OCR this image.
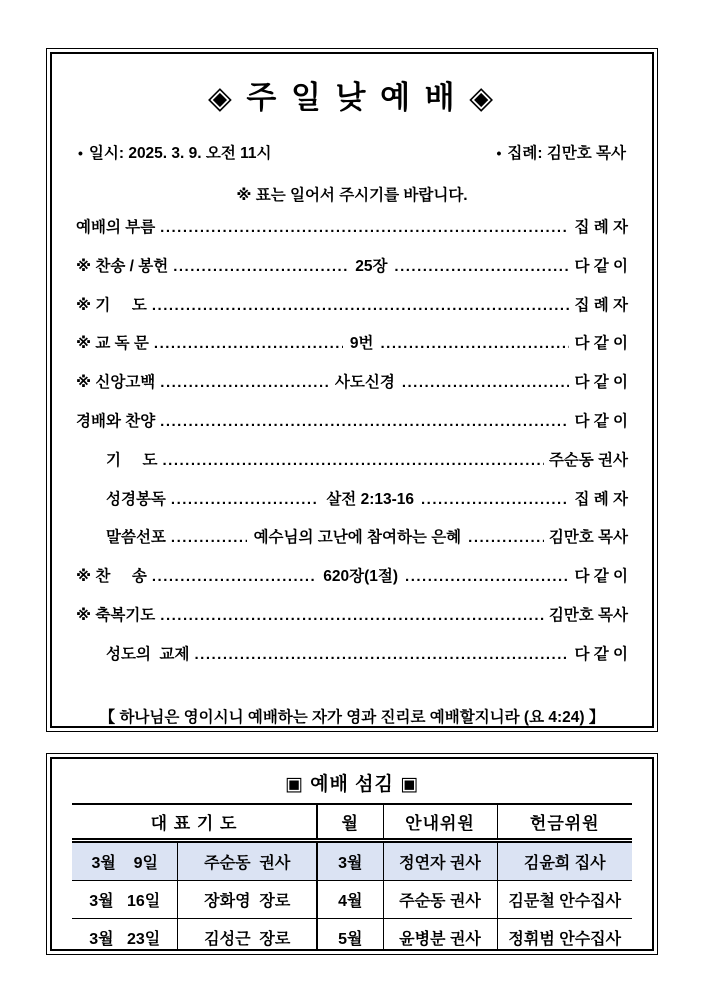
◈ 주 일 낮 예 배 ◈
• 일시: 2025. 3. 9. 오전 11시	• 집례: 김만호 목사
※ 표는 일어서 주시기를 바랍니다.
예배의 부름 .....	집 례 자
※ 찬송 / 봉헌 .....	25장 .....	다 같 이
※ 기     도 .....	집 례 자
※ 교 독 문 .....	9번 .....	다 같 이
※ 신앙고백 .....	사도신경 .....	다 같 이
경배와 찬양 .....	다 같 이
기     도 .....	주순동 권사
성경봉독 .....	살전 2:13-16 .....	집 례 자
말씀선포 .....	예수님의 고난에 참여하는 은혜 .....	김만호 목사
※ 찬     송 .....	620장(1절) .....	다 같 이
※ 축복기도 .....	김만호 목사
성도의  교제 .....	다 같 이
【 하나님은 영이시니 예배하는 자가 영과 진리로 예배할지니라 (요 4:24) 】
▣ 예배 섬김 ▣
대 표 기 도		월	안내위원	헌금위원
3월    9일	주순동  권사	3월	정연자 권사	김윤희 집사
3월   16일	장화영  장로	4월	주순동 권사	김문철 안수집사
3월   23일	김성근  장로	5월	윤병분 권사	정휘범 안수집사
